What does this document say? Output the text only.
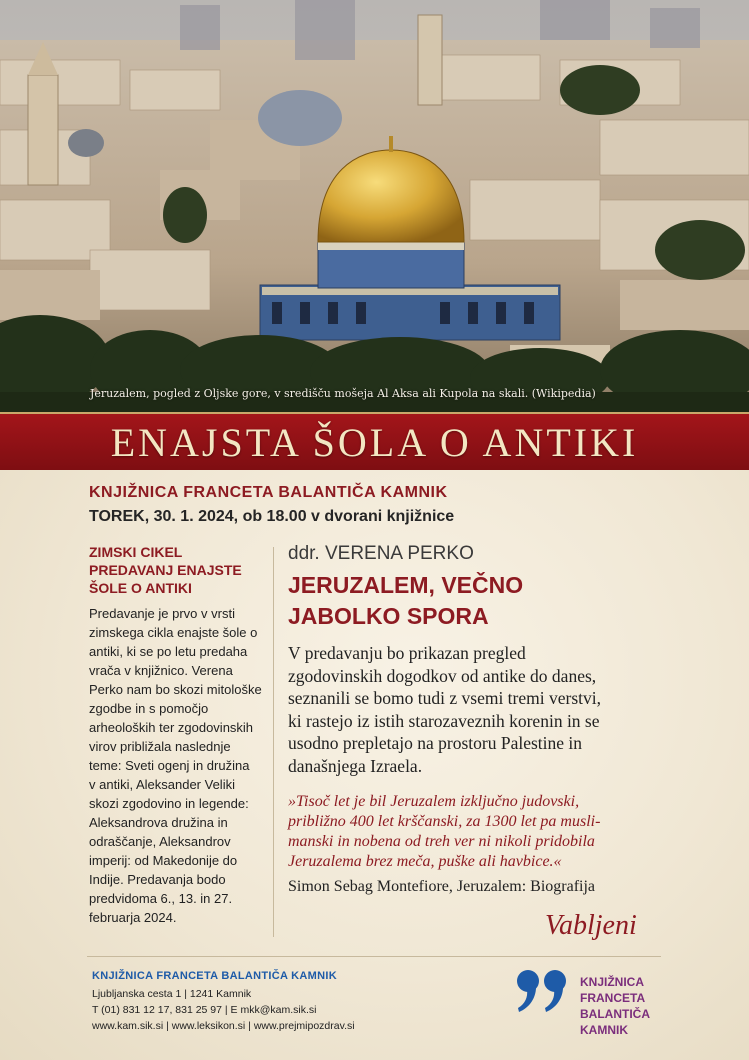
Jeruzalem, pogled z Oljske gore, v središču mošeja Al Aksa ali Kupola na skali. (Wikipedia)
ENAJSTA ŠOLA O ANTIKI
KNJIŽNICA FRANCETA BALANTIČA KAMNIK
TOREK, 30. 1. 2024, ob 18.00 v dvorani knjižnice
ZIMSKI CIKEL
PREDAVANJ ENAJSTE
ŠOLE O ANTIKI
Predavanje je prvo v vrsti
zimskega cikla enajste šole o
antiki, ki se po letu predaha
vrača v knjižnico. Verena
Perko nam bo skozi mitološke
zgodbe in s pomočjo
arheoloških ter zgodovinskih
virov približala naslednje
teme: Sveti ogenj in družina
v antiki, Aleksander Veliki
skozi zgodovino in legende:
Aleksandrova družina in
odraščanje, Aleksandrov
imperij: od Makedonije do
Indije. Predavanja bodo
predvidoma 6., 13. in 27.
februarja 2024.
ddr. VERENA PERKO
JERUZALEM, VEČNO
JABOLKO SPORA
V predavanju bo prikazan pregled
zgodovinskih dogodkov od antike do danes,
seznanili se bomo tudi z vsemi tremi verstvi,
ki rastejo iz istih starozaveznih korenin in se
usodno prepletajo na prostoru Palestine in
današnjega Izraela.
»Tisoč let je bil Jeruzalem izključno judovski,
približno 400 let krščanski, za 1300 let pa musli-
manski in nobena od treh ver ni nikoli pridobila
Jeruzalema brez meča, puške ali havbice.«
Simon Sebag Montefiore, Jeruzalem: Biografija
Vabljeni
KNJIŽNICA FRANCETA BALANTIČA KAMNIK
Ljubljanska cesta 1 | 1241 Kamnik
T (01) 831 12 17, 831 25 97 | E mkk@kam.sik.si
www.kam.sik.si | www.leksikon.si | www.prejmipozdrav.si
KNJIŽNICA
FRANCETA
BALANTIČA
KAMNIK
